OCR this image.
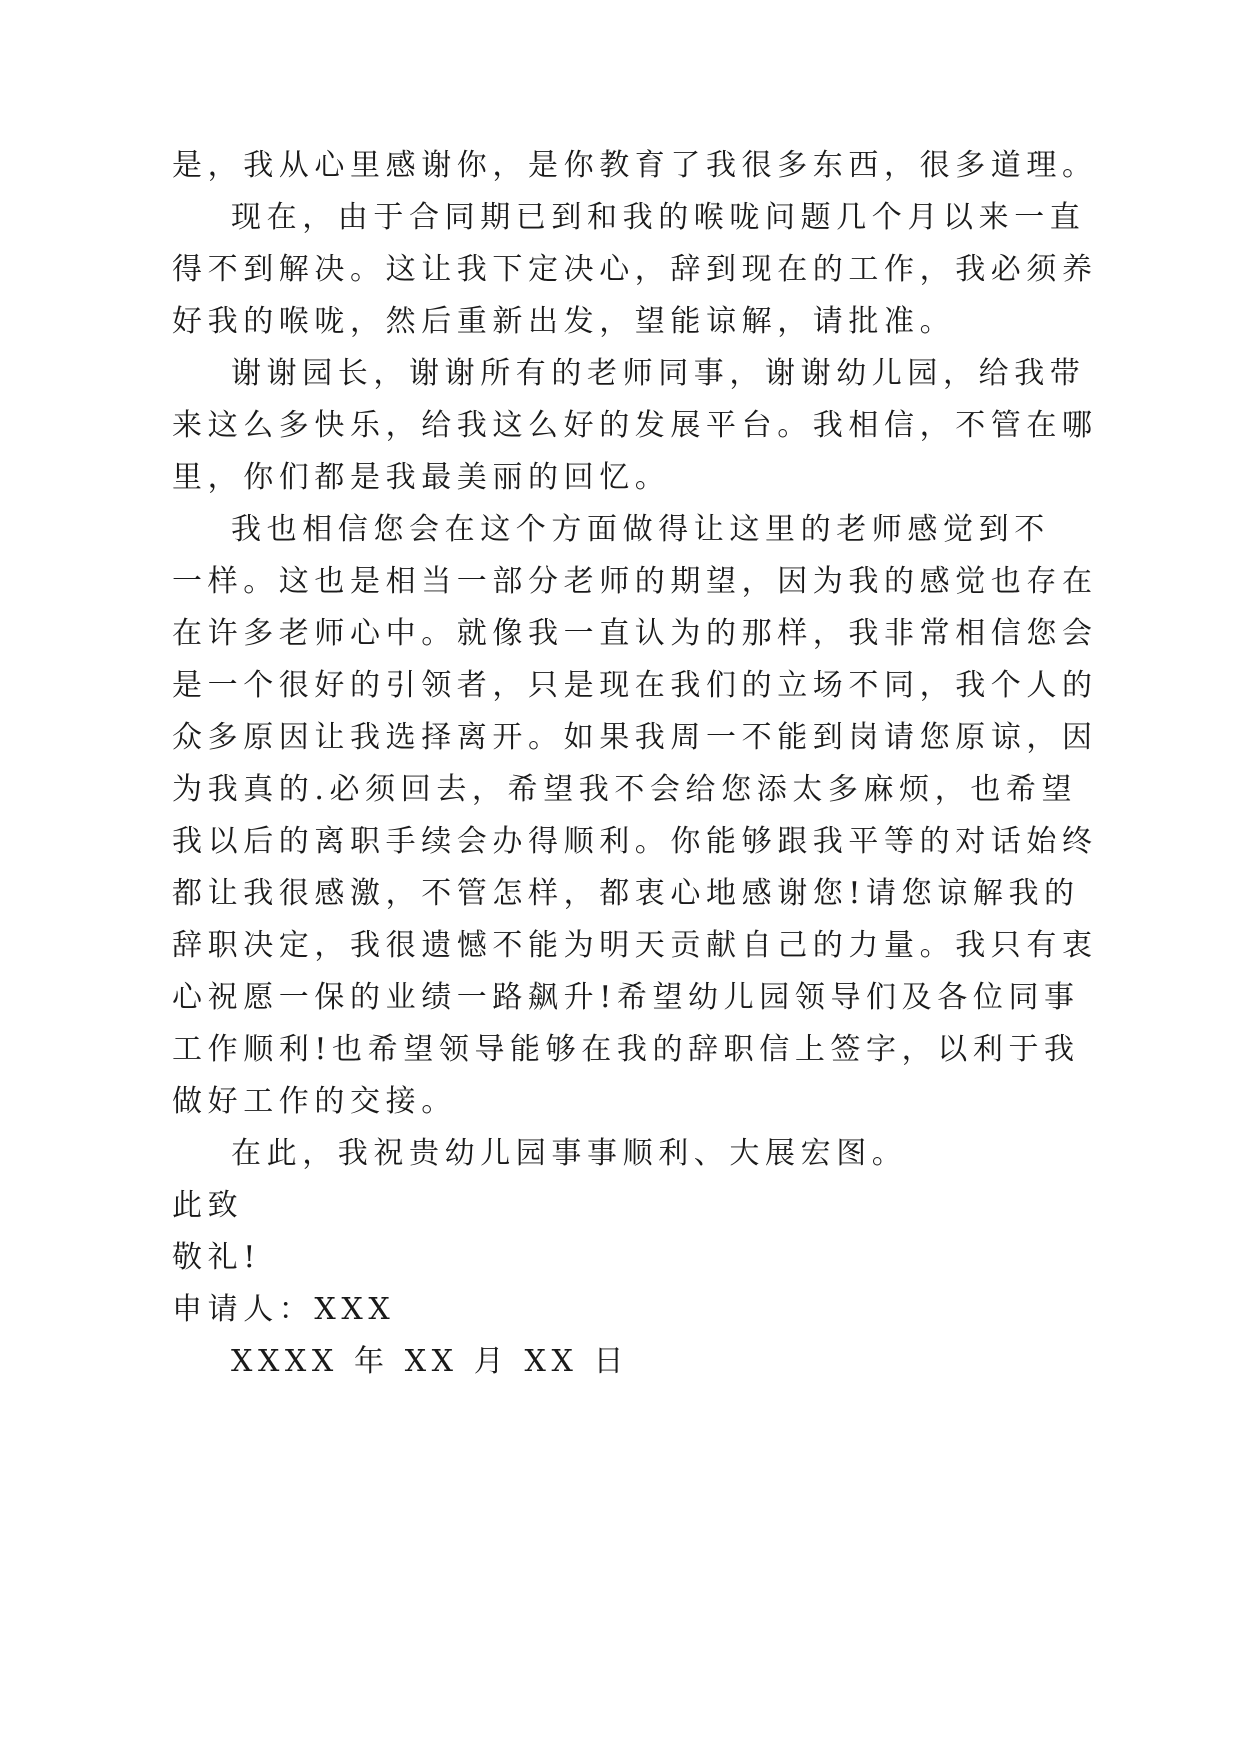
是，我从心里感谢你，是你教育了我很多东西，很多道理。
现在，由于合同期已到和我的喉咙问题几个月以来一直
得不到解决。这让我下定决心，辞到现在的工作，我必须养
好我的喉咙，然后重新出发，望能谅解，请批准。
谢谢园长，谢谢所有的老师同事，谢谢幼儿园，给我带
来这么多快乐，给我这么好的发展平台。我相信，不管在哪
里，你们都是我最美丽的回忆。
我也相信您会在这个方面做得让这里的老师感觉到不
一样。这也是相当一部分老师的期望，因为我的感觉也存在
在许多老师心中。就像我一直认为的那样，我非常相信您会
是一个很好的引领者，只是现在我们的立场不同，我个人的
众多原因让我选择离开。如果我周一不能到岗请您原谅，因
为我真的.必须回去，希望我不会给您添太多麻烦，也希望
我以后的离职手续会办得顺利。你能够跟我平等的对话始终
都让我很感激，不管怎样，都衷心地感谢您!请您谅解我的
辞职决定，我很遗憾不能为明天贡献自己的力量。我只有衷
心祝愿一保的业绩一路飙升!希望幼儿园领导们及各位同事
工作顺利!也希望领导能够在我的辞职信上签字，以利于我
做好工作的交接。
在此，我祝贵幼儿园事事顺利、大展宏图。
此致
敬礼!
申请人：XXX
XXXX 年 XX 月 XX 日
